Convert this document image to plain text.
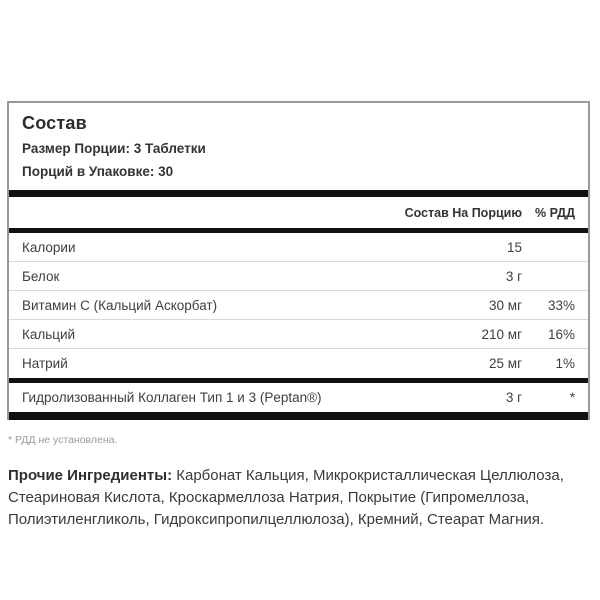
Состав

Размер Порции: 3 Таблетки

Порций в Упаковке: 30

Состав На Порцию	% РДД
Калории	15
Белок	3 г
Витамин C (Кальций Аскорбат)	30 мг	33%
Кальций	210 мг	16%
Натрий	25 мг	1%
Гидролизованный Коллаген Тип 1 и 3 (Peptan®)	3 г	*

* РДД не установлена.

Прочие Ингредиенты: Карбонат Кальция, Микрокристаллическая Целлюлоза,
Стеариновая Кислота, Кроскармеллоза Натрия, Покрытие (Гипромеллоза,
Полиэтиленгликоль, Гидроксипропилцеллюлоза), Кремний, Стеарат Магния.
